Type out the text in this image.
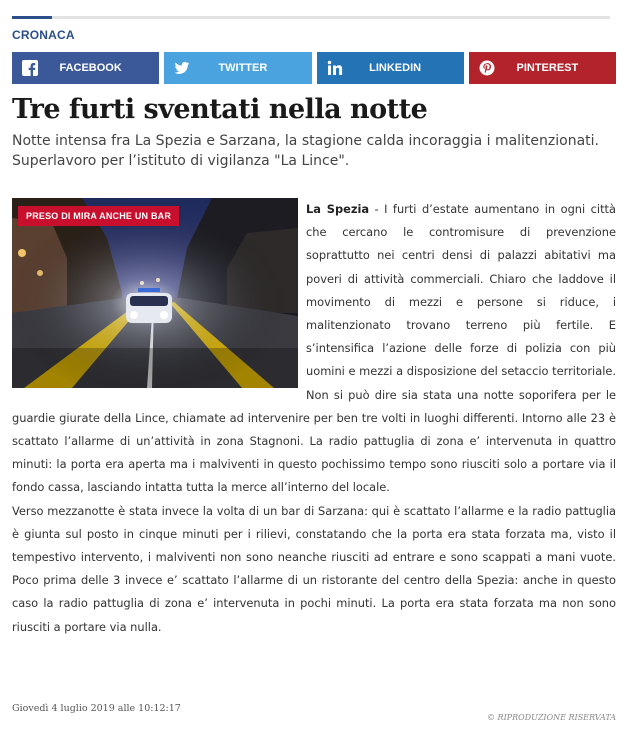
CRONACA
FACEBOOK	TWITTER	LINKEDIN	PINTEREST
Tre furti sventati nella notte

Notte intensa fra La Spezia e Sarzana, la stagione calda incoraggia i malitenzionati. Superlavoro per l’istituto di vigilanza "La Lince".

La Spezia - I furti d’estate aumentano in ogni città che cercano le contromisure di prevenzione soprattutto nei centri densi di palazzi abitativi ma poveri di attività commerciali. Chiaro che laddove il movimento di mezzi e persone si riduce, i malitenzionato trovano terreno più fertile. E s’intensifica l’azione delle forze di polizia con più uomini e mezzi a disposizione del setaccio territoriale. Non si può dire sia stata una notte soporifera per le guardie giurate della Lince, chiamate ad intervenire per ben tre volti in luoghi differenti. Intorno alle 23 è scattato l’allarme di un’attività in zona Stagnoni. La radio pattuglia di zona e’ intervenuta in quattro minuti: la porta era aperta ma i malviventi in questo pochissimo tempo sono riusciti solo a portare via il fondo cassa, lasciando intatta tutta la merce all’interno del locale.

Verso mezzanotte è stata invece la volta di un bar di Sarzana: qui è scattato l’allarme e la radio pattuglia è giunta sul posto in cinque minuti per i rilievi, constatando che la porta era stata forzata ma, visto il tempestivo intervento, i malviventi non sono neanche riusciti ad entrare e sono scappati a mani vuote. Poco prima delle 3 invece e’ scattato l’allarme di un ristorante del centro della Spezia: anche in questo caso la radio pattuglia di zona e’ intervenuta in pochi minuti. La porta era stata forzata ma non sono riusciti a portare via nulla.

PRESO DI MIRA ANCHE UN BAR
Giovedì 4 luglio 2019 alle 10:12:17
© RIPRODUZIONE RISERVATA
